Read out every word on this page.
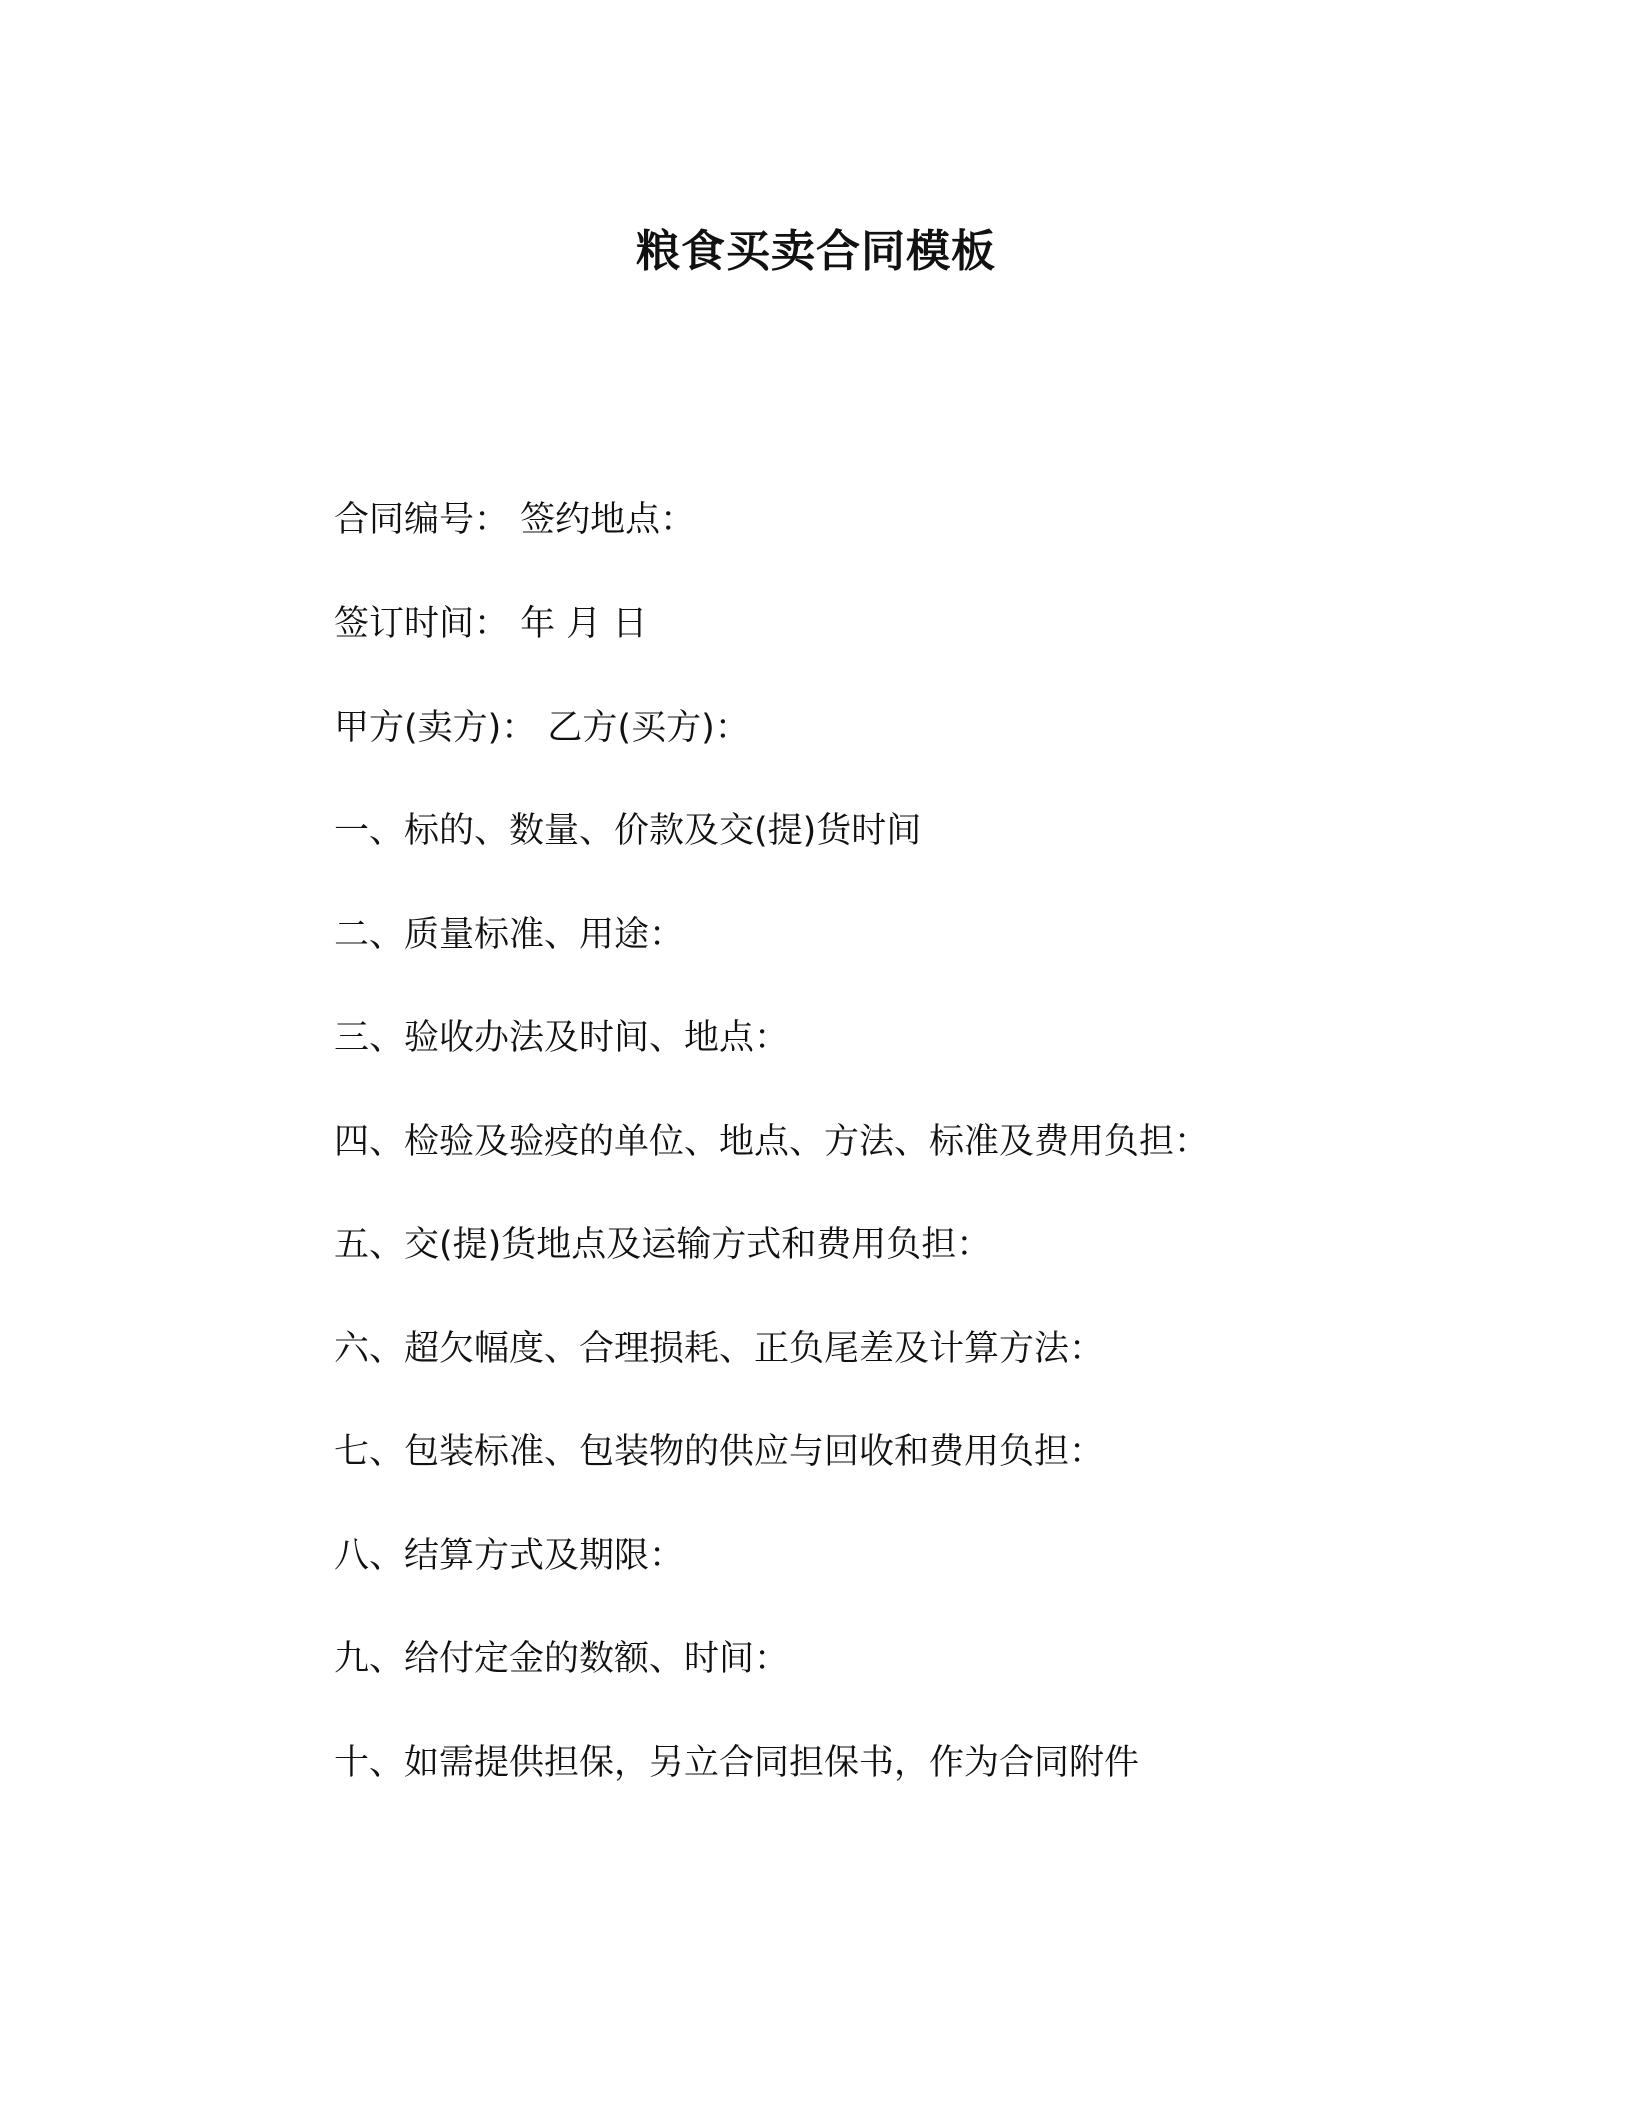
粮食买卖合同模板
合同编号： 签约地点：
签订时间： 年 月 日
甲方(卖方)： 乙方(买方)：
一、标的、数量、价款及交(提)货时间
二、质量标准、用途：
三、验收办法及时间、地点：
四、检验及验疫的单位、地点、方法、标准及费用负担：
五、交(提)货地点及运输方式和费用负担：
六、超欠幅度、合理损耗、正负尾差及计算方法：
七、包装标准、包装物的供应与回收和费用负担：
八、结算方式及期限：
九、给付定金的数额、时间：
十、如需提供担保，另立合同担保书，作为合同附件
